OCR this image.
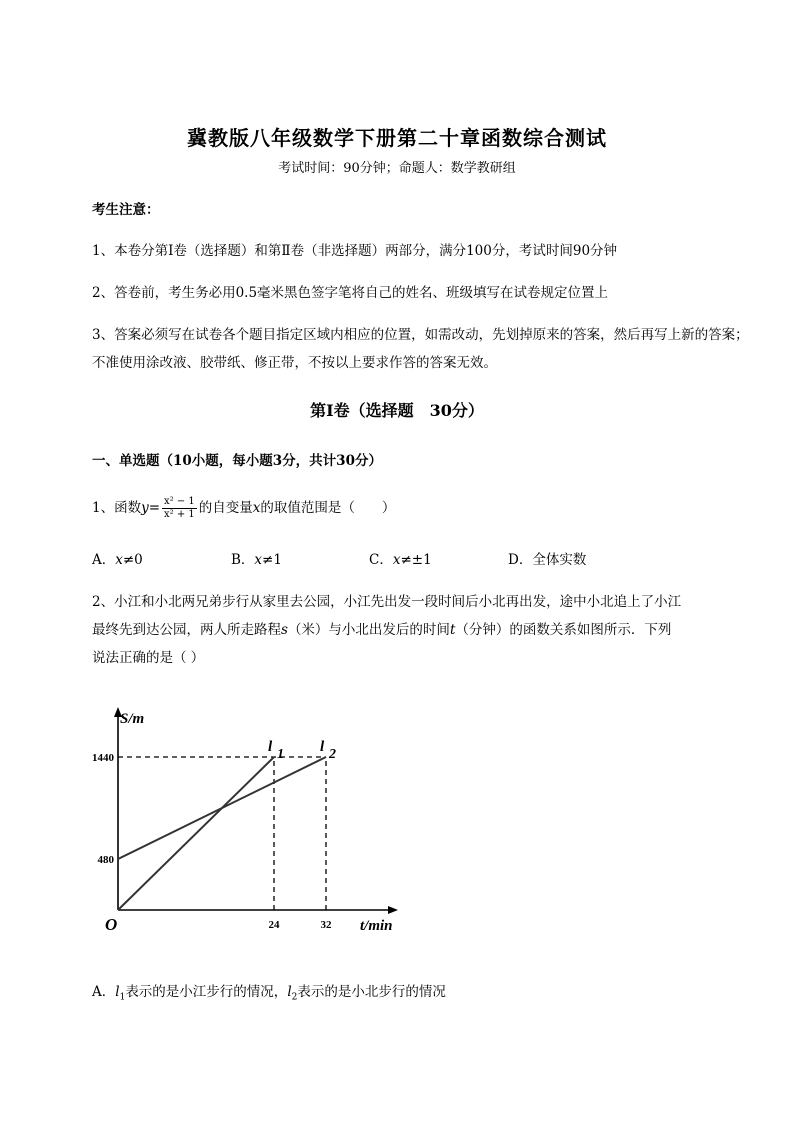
冀教版八年级数学下册第二十章函数综合测试
考试时间：90分钟；命题人：数学教研组
考生注意：
1、本卷分第I卷（选择题）和第Ⅱ卷（非选择题）两部分，满分100分，考试时间90分钟
2、答卷前，考生务必用0.5毫米黑色签字笔将自己的姓名、班级填写在试卷规定位置上
3、答案必须写在试卷各个题目指定区域内相应的位置，如需改动，先划掉原来的答案，然后再写上新的答案；不准使用涂改液、胶带纸、修正带，不按以上要求作答的答案无效。
第I卷（选择题　30分）
一、单选题（10小题，每小题3分，共计30分）
1、函数$y= \frac{\text{x² − 1}}{\text{x² + 1}}$ 的自变量x的取值范围是（　　）
A．x≠0	B．x≠1	C．x≠±1	D．全体实数
2、小江和小北两兄弟步行从家里去公园，小江先出发一段时间后小北再出发，途中小北追上了小江
最终先到达公园，两人所走路程s（米）与小北出发后的时间t（分钟）的函数关系如图所示．下列
说法正确的是（ ）
l 1 l 2
480
1440
24	32
O	t/min
S/m
A．$l_1$表示的是小江步行的情况，$l_2$表示的是小北步行的情况
